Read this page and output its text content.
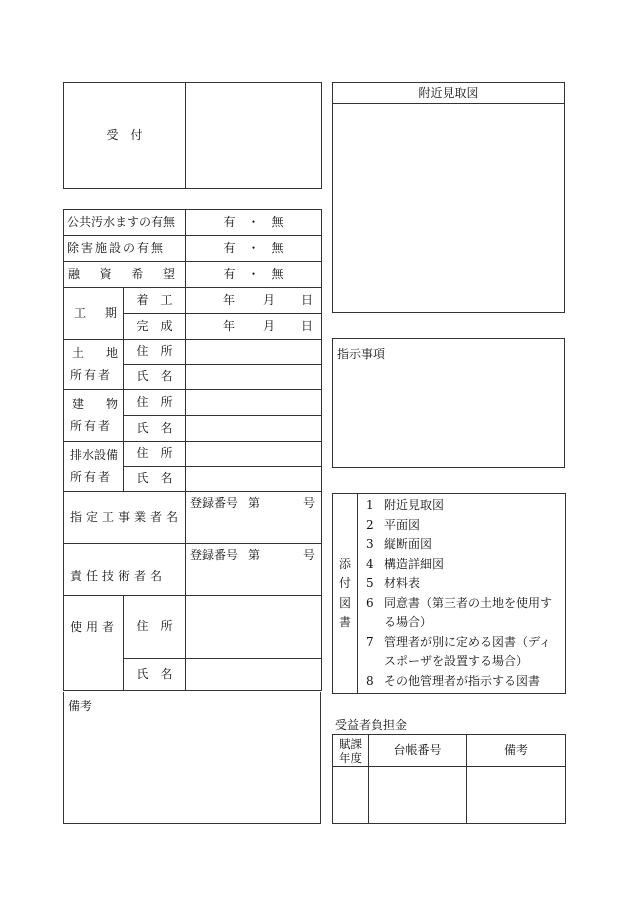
受　付	
公共汚水ますの有無		有　・　無
除害施設の有無		有　・　無

融 資 希 望		有　・　無

工 期	着　工	年 月 日

	完　成	年 月 日

土 地
所有者	住　所	
	氏　名	

建 物
所有者	住　所	
	氏　名	

排水設備
所有者	住　所	
	氏　名	
指定工事業者名		登録番号 第 号

責任技術者名		登録番号 第 号

使用者	住　所	
	氏　名	
備考
附近見取図
指示事項
添
付
図
書

1 附近見取図
2 平面図
3 縦断面図
4 構造詳細図
5 材料表
6 同意書（第三者の土地を使用す
る場合）
7 管理者が別に定める図書（ディ
スポーザを設置する場合）
8 その他管理者が指示する図書
受益者負担金
賦課
年度	台帳番号	備考
